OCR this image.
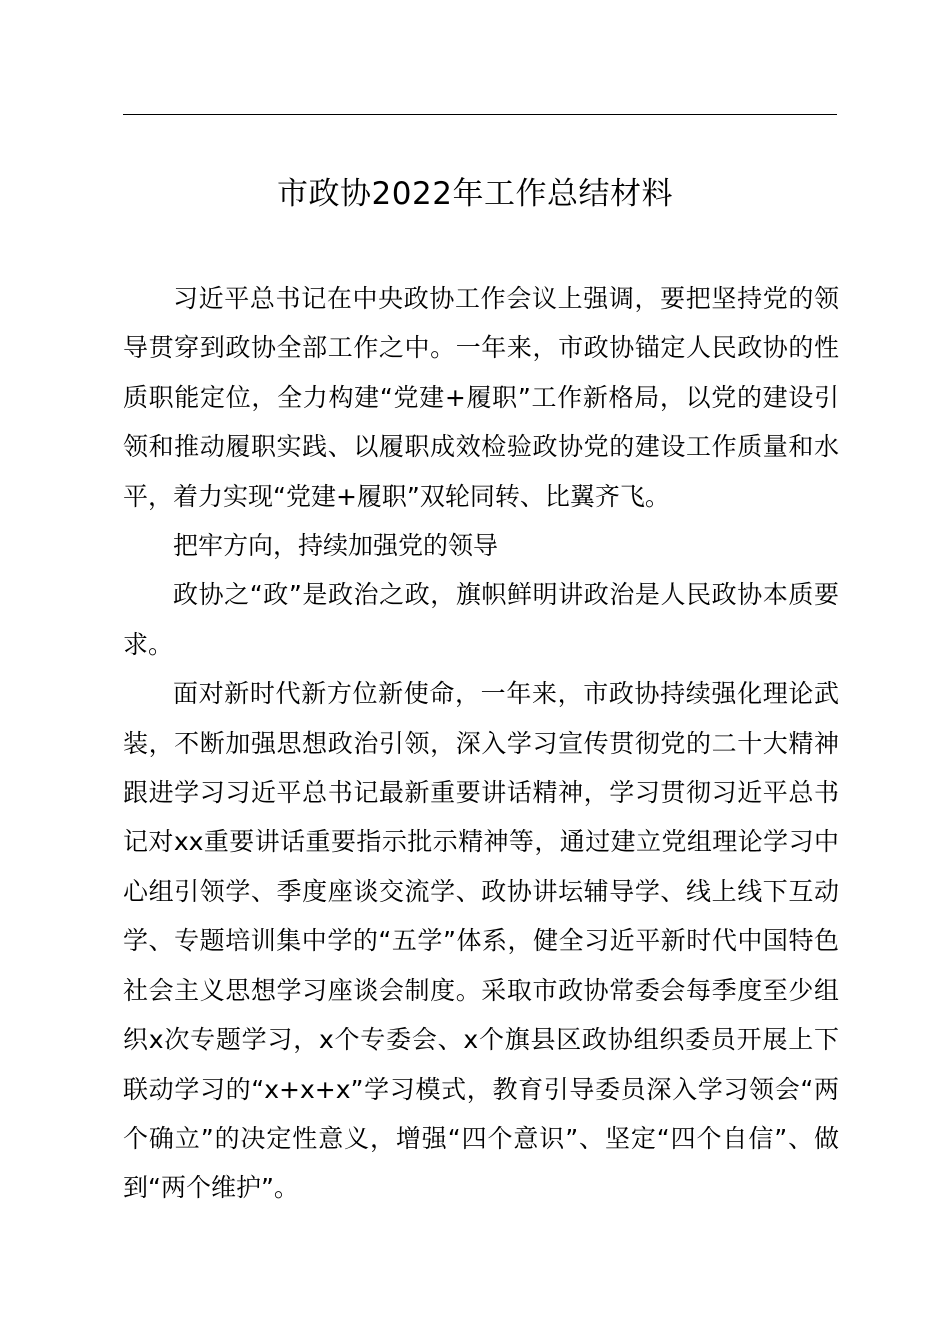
市政协2022年工作总结材料

习近平总书记在中央政协工作会议上强调，要把坚持党的领导贯穿到政协全部工作之中。一年来，市政协锚定人民政协的性质职能定位，全力构建“党建+履职”工作新格局，以党的建设引领和推动履职实践、以履职成效检验政协党的建设工作质量和水平，着力实现“党建+履职”双轮同转、比翼齐飞。

把牢方向，持续加强党的领导

政协之“政”是政治之政，旗帜鲜明讲政治是人民政协本质要求。

面对新时代新方位新使命，一年来，市政协持续强化理论武装，不断加强思想政治引领，深入学习宣传贯彻党的二十大精神跟进学习习近平总书记最新重要讲话精神，学习贯彻习近平总书记对xx重要讲话重要指示批示精神等，通过建立党组理论学习中心组引领学、季度座谈交流学、政协讲坛辅导学、线上线下互动学、专题培训集中学的“五学”体系，健全习近平新时代中国特色社会主义思想学习座谈会制度。采取市政协常委会每季度至少组织x次专题学习，x个专委会、x个旗县区政协组织委员开展上下联动学习的“x+x+x”学习模式，教育引导委员深入学习领会“两个确立”的决定性意义，增强“四个意识”、坚定“四个自信”、做到“两个维护”。
